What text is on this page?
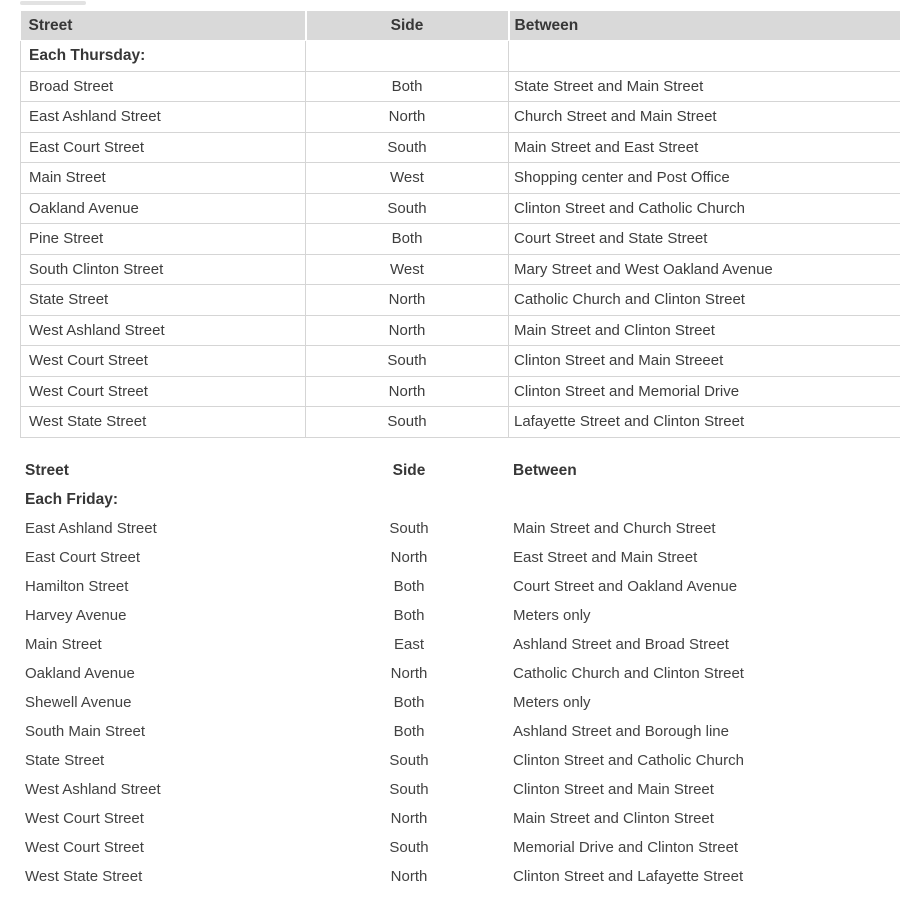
Street	Side	Between
Each Thursday:		
Broad Street	Both	State Street and Main Street
East Ashland Street	North	Church Street and Main Street
East Court Street	South	Main Street and East Street
Main Street	West	Shopping center and Post Office
Oakland Avenue	South	Clinton Street and Catholic Church
Pine Street	Both	Court Street and State Street
South Clinton Street	West	Mary Street and West Oakland Avenue
State Street	North	Catholic Church and Clinton Street
West Ashland Street	North	Main Street and Clinton Street
West Court Street	South	Clinton Street and Main Streeet
West Court Street	North	Clinton Street and Memorial Drive
West State Street	South	Lafayette Street and Clinton Street
Street	Side	Between
Each Friday:		
East Ashland Street	South	Main Street and Church Street
East Court Street	North	East Street and Main Street
Hamilton Street	Both	Court Street and Oakland Avenue
Harvey Avenue	Both	Meters only
Main Street	East	Ashland Street and Broad Street
Oakland Avenue	North	Catholic Church and Clinton Street
Shewell Avenue	Both	Meters only
South Main Street	Both	Ashland Street and Borough line
State Street	South	Clinton Street and Catholic Church
West Ashland Street	South	Clinton Street and Main Street
West Court Street	North	Main Street and Clinton Street
West Court Street	South	Memorial Drive and Clinton Street
West State Street	North	Clinton Street and Lafayette Street
